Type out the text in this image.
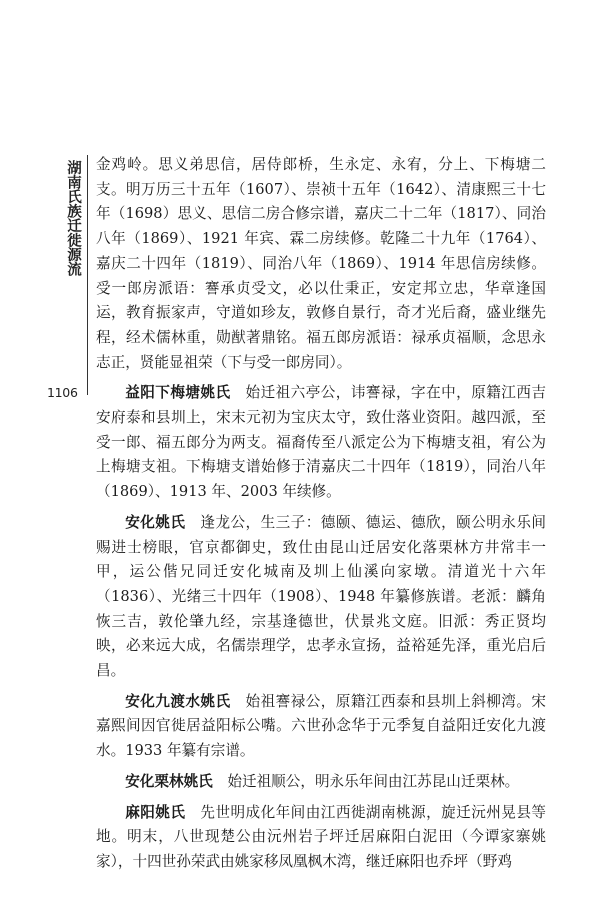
湖南氏族迁徙源流
1106

金鸡岭。思义弟思信，居侍郎桥，生永定、永宥，分上、下梅塘二支。明万历三十五年（1607）、崇祯十五年（1642）、清康熙三十七年（1698）思义、思信二房合修宗谱，嘉庆二十二年（1817）、同治八年（1869）、1921 年宾、霖二房续修。乾隆二十九年（1764）、嘉庆二十四年（1819）、同治八年（1869）、1914 年思信房续修。受一郎房派语：謇承贞受文，必以仕秉正，安定邦立忠，华章逢国运，教育振家声，守道如珍友，敦修自景行，奇才光后裔，盛业继先程，经术儒林重，勋猷著鼎铭。福五郎房派语：禄承贞福顺，念思永志正，贤能显祖荣（下与受一郎房同）。

益阳下梅塘姚氏　 始迁祖六亭公，讳謇禄，字在中，原籍江西吉安府泰和县圳上，宋末元初为宝庆太守，致仕落业资阳。越四派，至受一郎、福五郎分为两支。福裔传至八派定公为下梅塘支祖，宥公为上梅塘支祖。下梅塘支谱始修于清嘉庆二十四年（1819），同治八年（1869）、1913 年、2003 年续修。

安化姚氏　 逢龙公，生三子：德颐、德运、德欣，颐公明永乐间赐进士榜眼，官京都御史，致仕由昆山迁居安化落栗林方井常丰一甲，运公偕兄同迁安化城南及圳上仙溪向家墩。清道光十六年（1836）、光绪三十四年（1908）、1948 年纂修族谱。老派：麟角恢三吉，敦伦肇九经，宗基逢德世，伏景兆文庭。旧派：秀正贤均映，必来远大成，名儒崇理学，忠孝永宣扬，益裕延先泽，重光启后昌。

安化九渡水姚氏　 始祖謇禄公，原籍江西泰和县圳上斜柳湾。宋嘉熙间因官徙居益阳标公嘴。六世孙念华于元季复自益阳迁安化九渡水。1933 年纂有宗谱。

安化栗林姚氏　 始迁祖顺公，明永乐年间由江苏昆山迁栗林。

麻阳姚氏　 先世明成化年间由江西徙湖南桃源，旋迁沅州晃县等地。明末，八世现楚公由沅州岩子坪迁居麻阳白泥田（今谭家寨姚家），十四世孙荣武由姚家移凤凰枫木湾，继迁麻阳也乔坪（野鸡
